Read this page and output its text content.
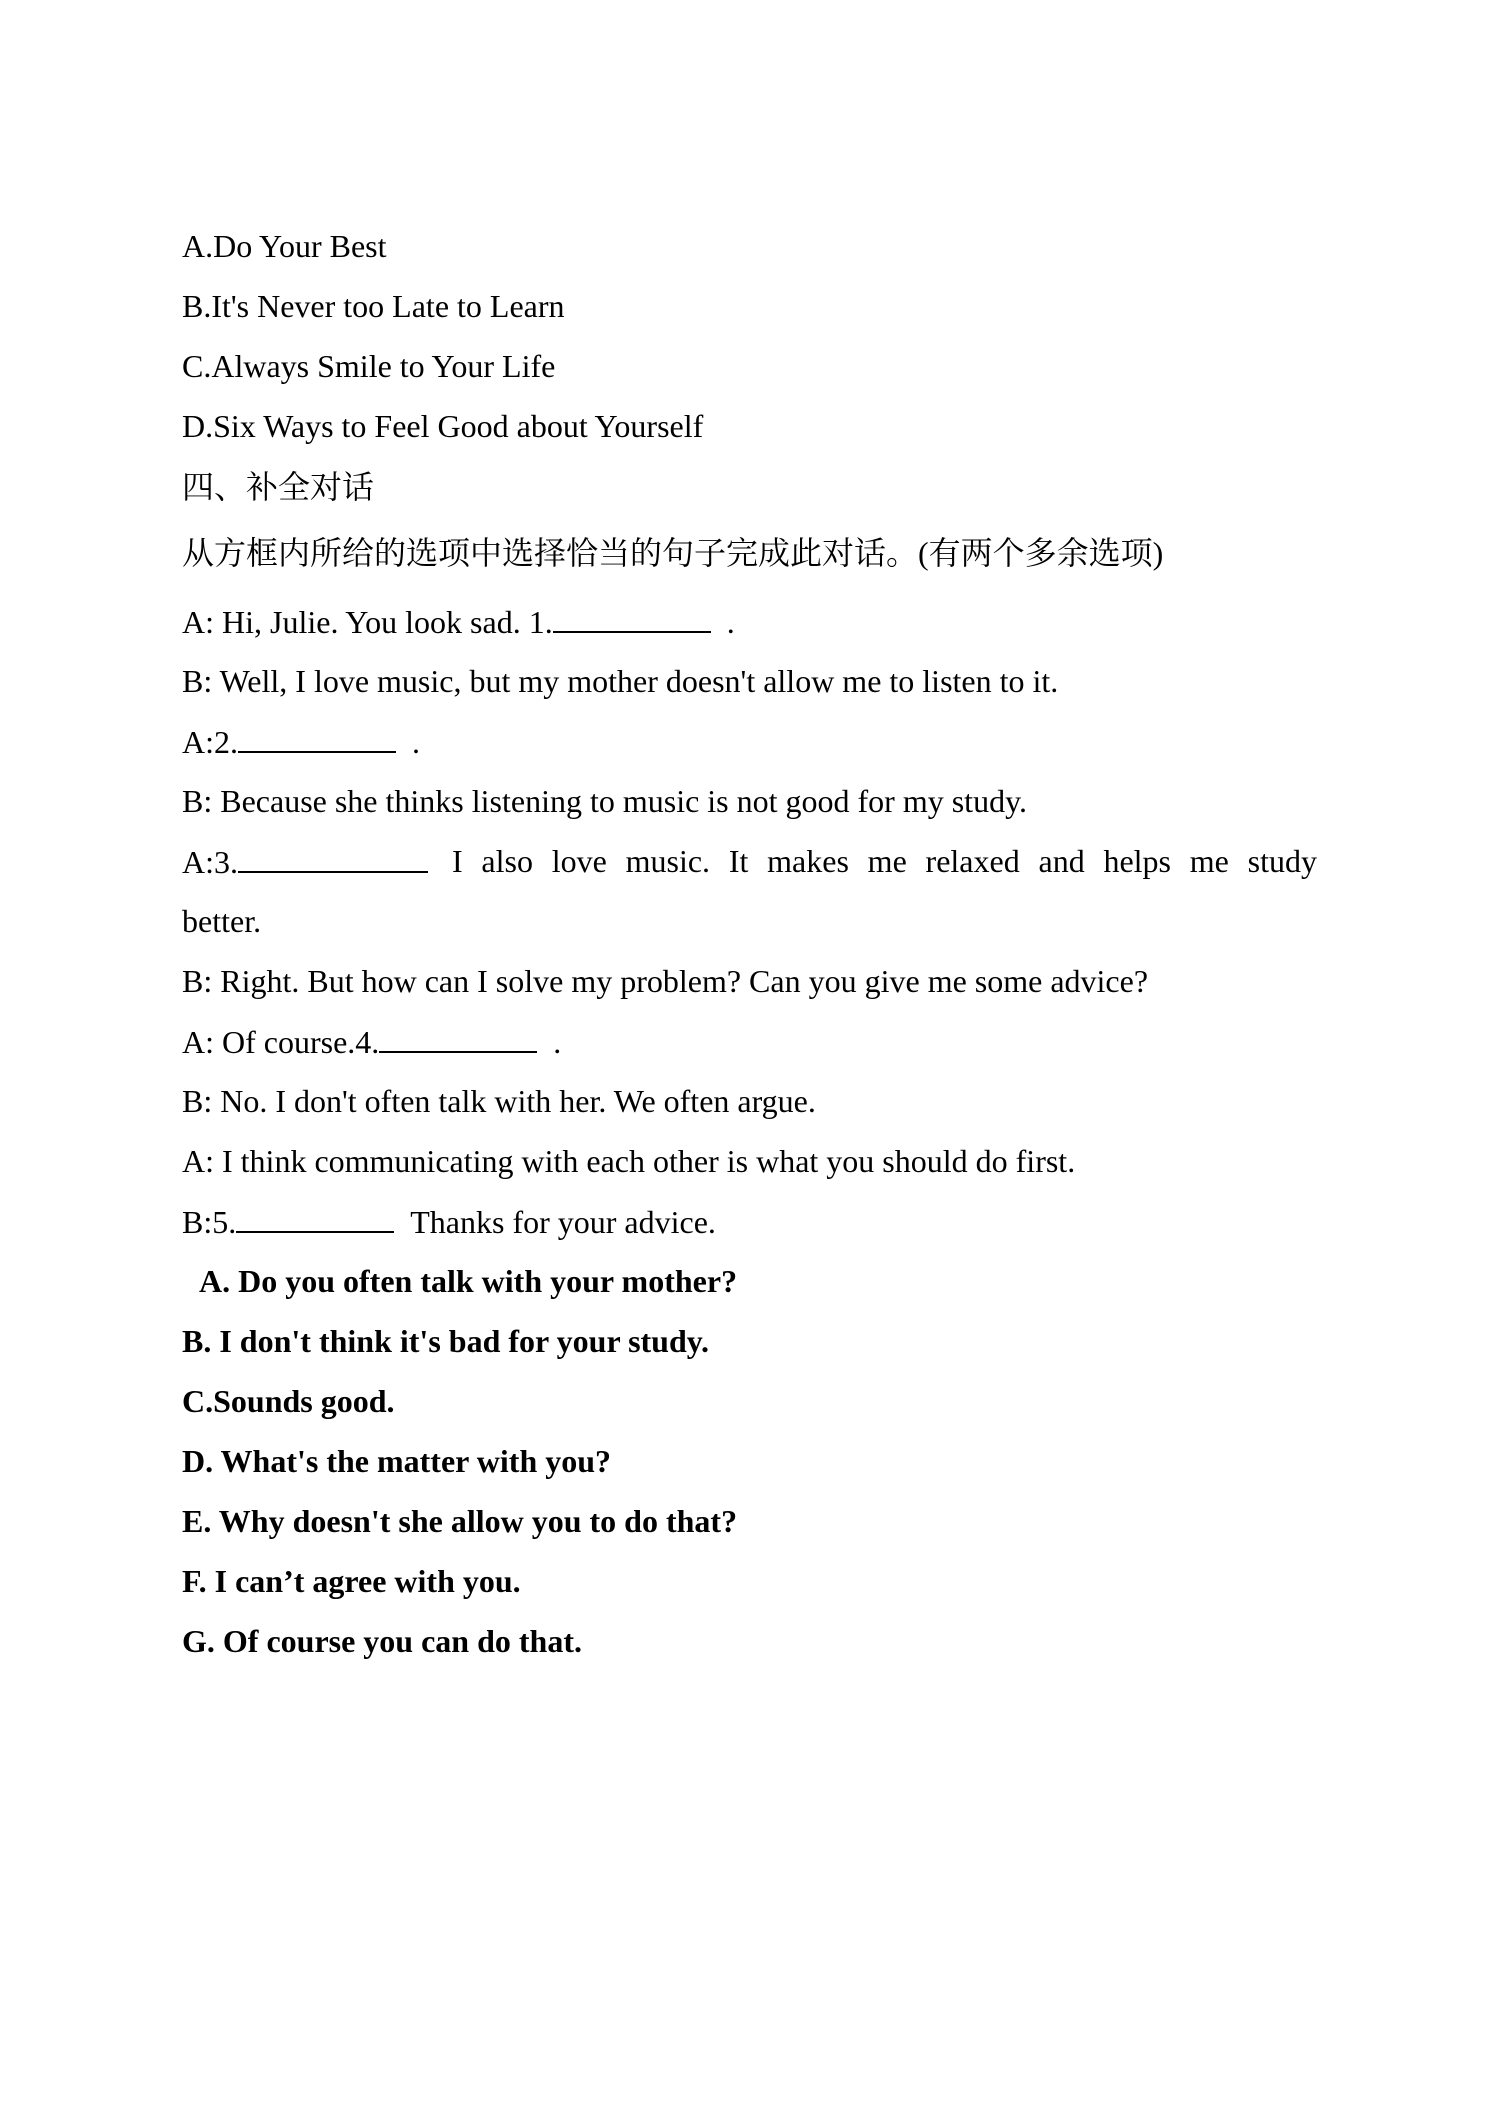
A.Do Your Best
B.It's Never too Late to Learn
C.Always Smile to Your Life
D.Six Ways to Feel Good about Yourself
四、补全对话
从方框内所给的选项中选择恰当的句子完成此对话。(有两个多余选项)
A: Hi, Julie. You look sad. 1.	.
B: Well, I love music, but my mother doesn't allow me to listen to it.
A:2.	.
B: Because she thinks listening to music is not good for my study.
A:3.	I also love music. It makes me relaxed and helps me study
better.
B: Right. But how can I solve my problem? Can you give me some advice?
A: Of course.4.	.
B: No. I don't often talk with her. We often argue.
A: I think communicating with each other is what you should do first.
B:5.	Thanks for your advice.
A. Do you often talk with your mother?
B. I don't think it's bad for your study.
C.Sounds good.
D. What's the matter with you?
E. Why doesn't she allow you to do that?
F. I can’t agree with you.
G. Of course you can do that.
